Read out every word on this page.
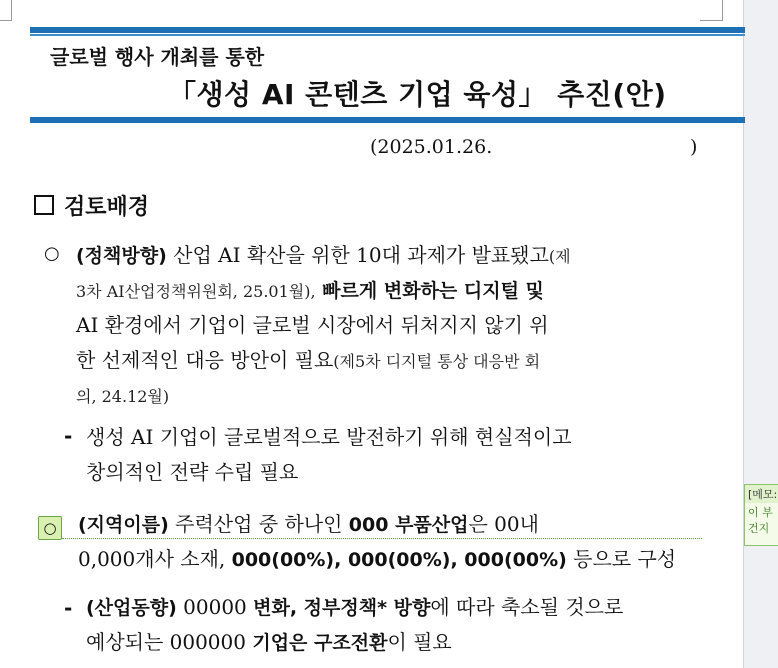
글로벌 행사 개최를 통한
「생성 AI 콘텐츠 기업 육성」 추진(안)
(2025.01.26.	)
검토배경
○ (정책방향) 산업 AI 확산을 위한 10대 과제가 발표됐고(제
3차 AI산업정책위원회, 25.01월), 빠르게 변화하는 디지털 및
AI 환경에서 기업이 글로벌 시장에서 뒤처지지 않기 위
한 선제적인 대응 방안이 필요(제5차 디지털 통상 대응반 회
의, 24.12월)
- 생성 AI 기업이 글로벌적으로 발전하기 위해 현실적이고
창의적인 전략 수립 필요
○ (지역이름) 주력산업 중 하나인 000 부품산업은 00내
0,000개사 소재, 000(00%), 000(00%), 000(00%) 등으로 구성
[메모:
이 부
건지
- (산업동향) 00000 변화, 정부정책* 방향에 따라 축소될 것으로
예상되는 000000 기업은 구조전환이 필요
